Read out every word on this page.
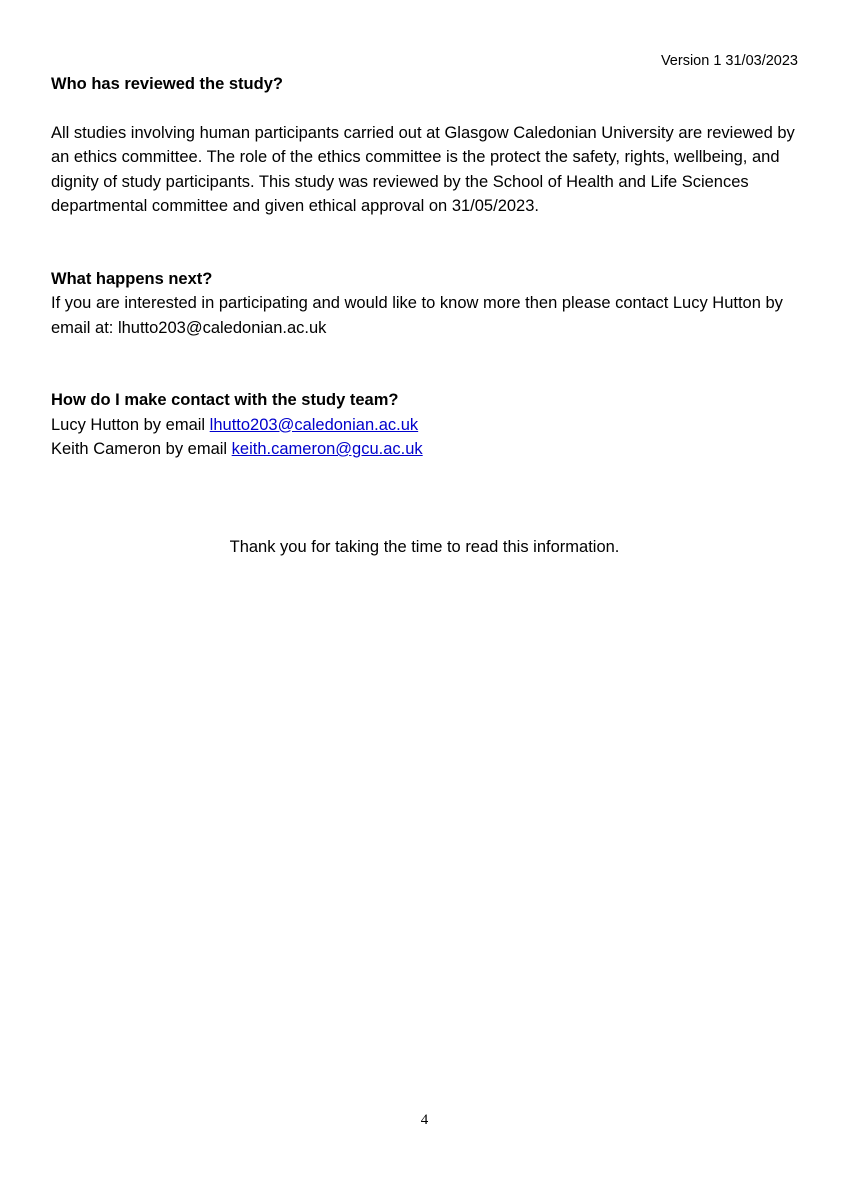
Version 1 31/03/2023

Who has reviewed the study?

All studies involving human participants carried out at Glasgow Caledonian University are reviewed by an ethics committee. The role of the ethics committee is the protect the safety, rights, wellbeing, and dignity of study participants. This study was reviewed by the School of Health and Life Sciences departmental committee and given ethical approval on 31/05/2023.

What happens next?

If you are interested in participating and would like to know more then please contact Lucy Hutton by email at: lhutto203@caledonian.ac.uk

How do I make contact with the study team?

Lucy Hutton by email lhutto203@caledonian.ac.uk
Keith Cameron by email keith.cameron@gcu.ac.uk
Thank you for taking the time to read this information.
4
